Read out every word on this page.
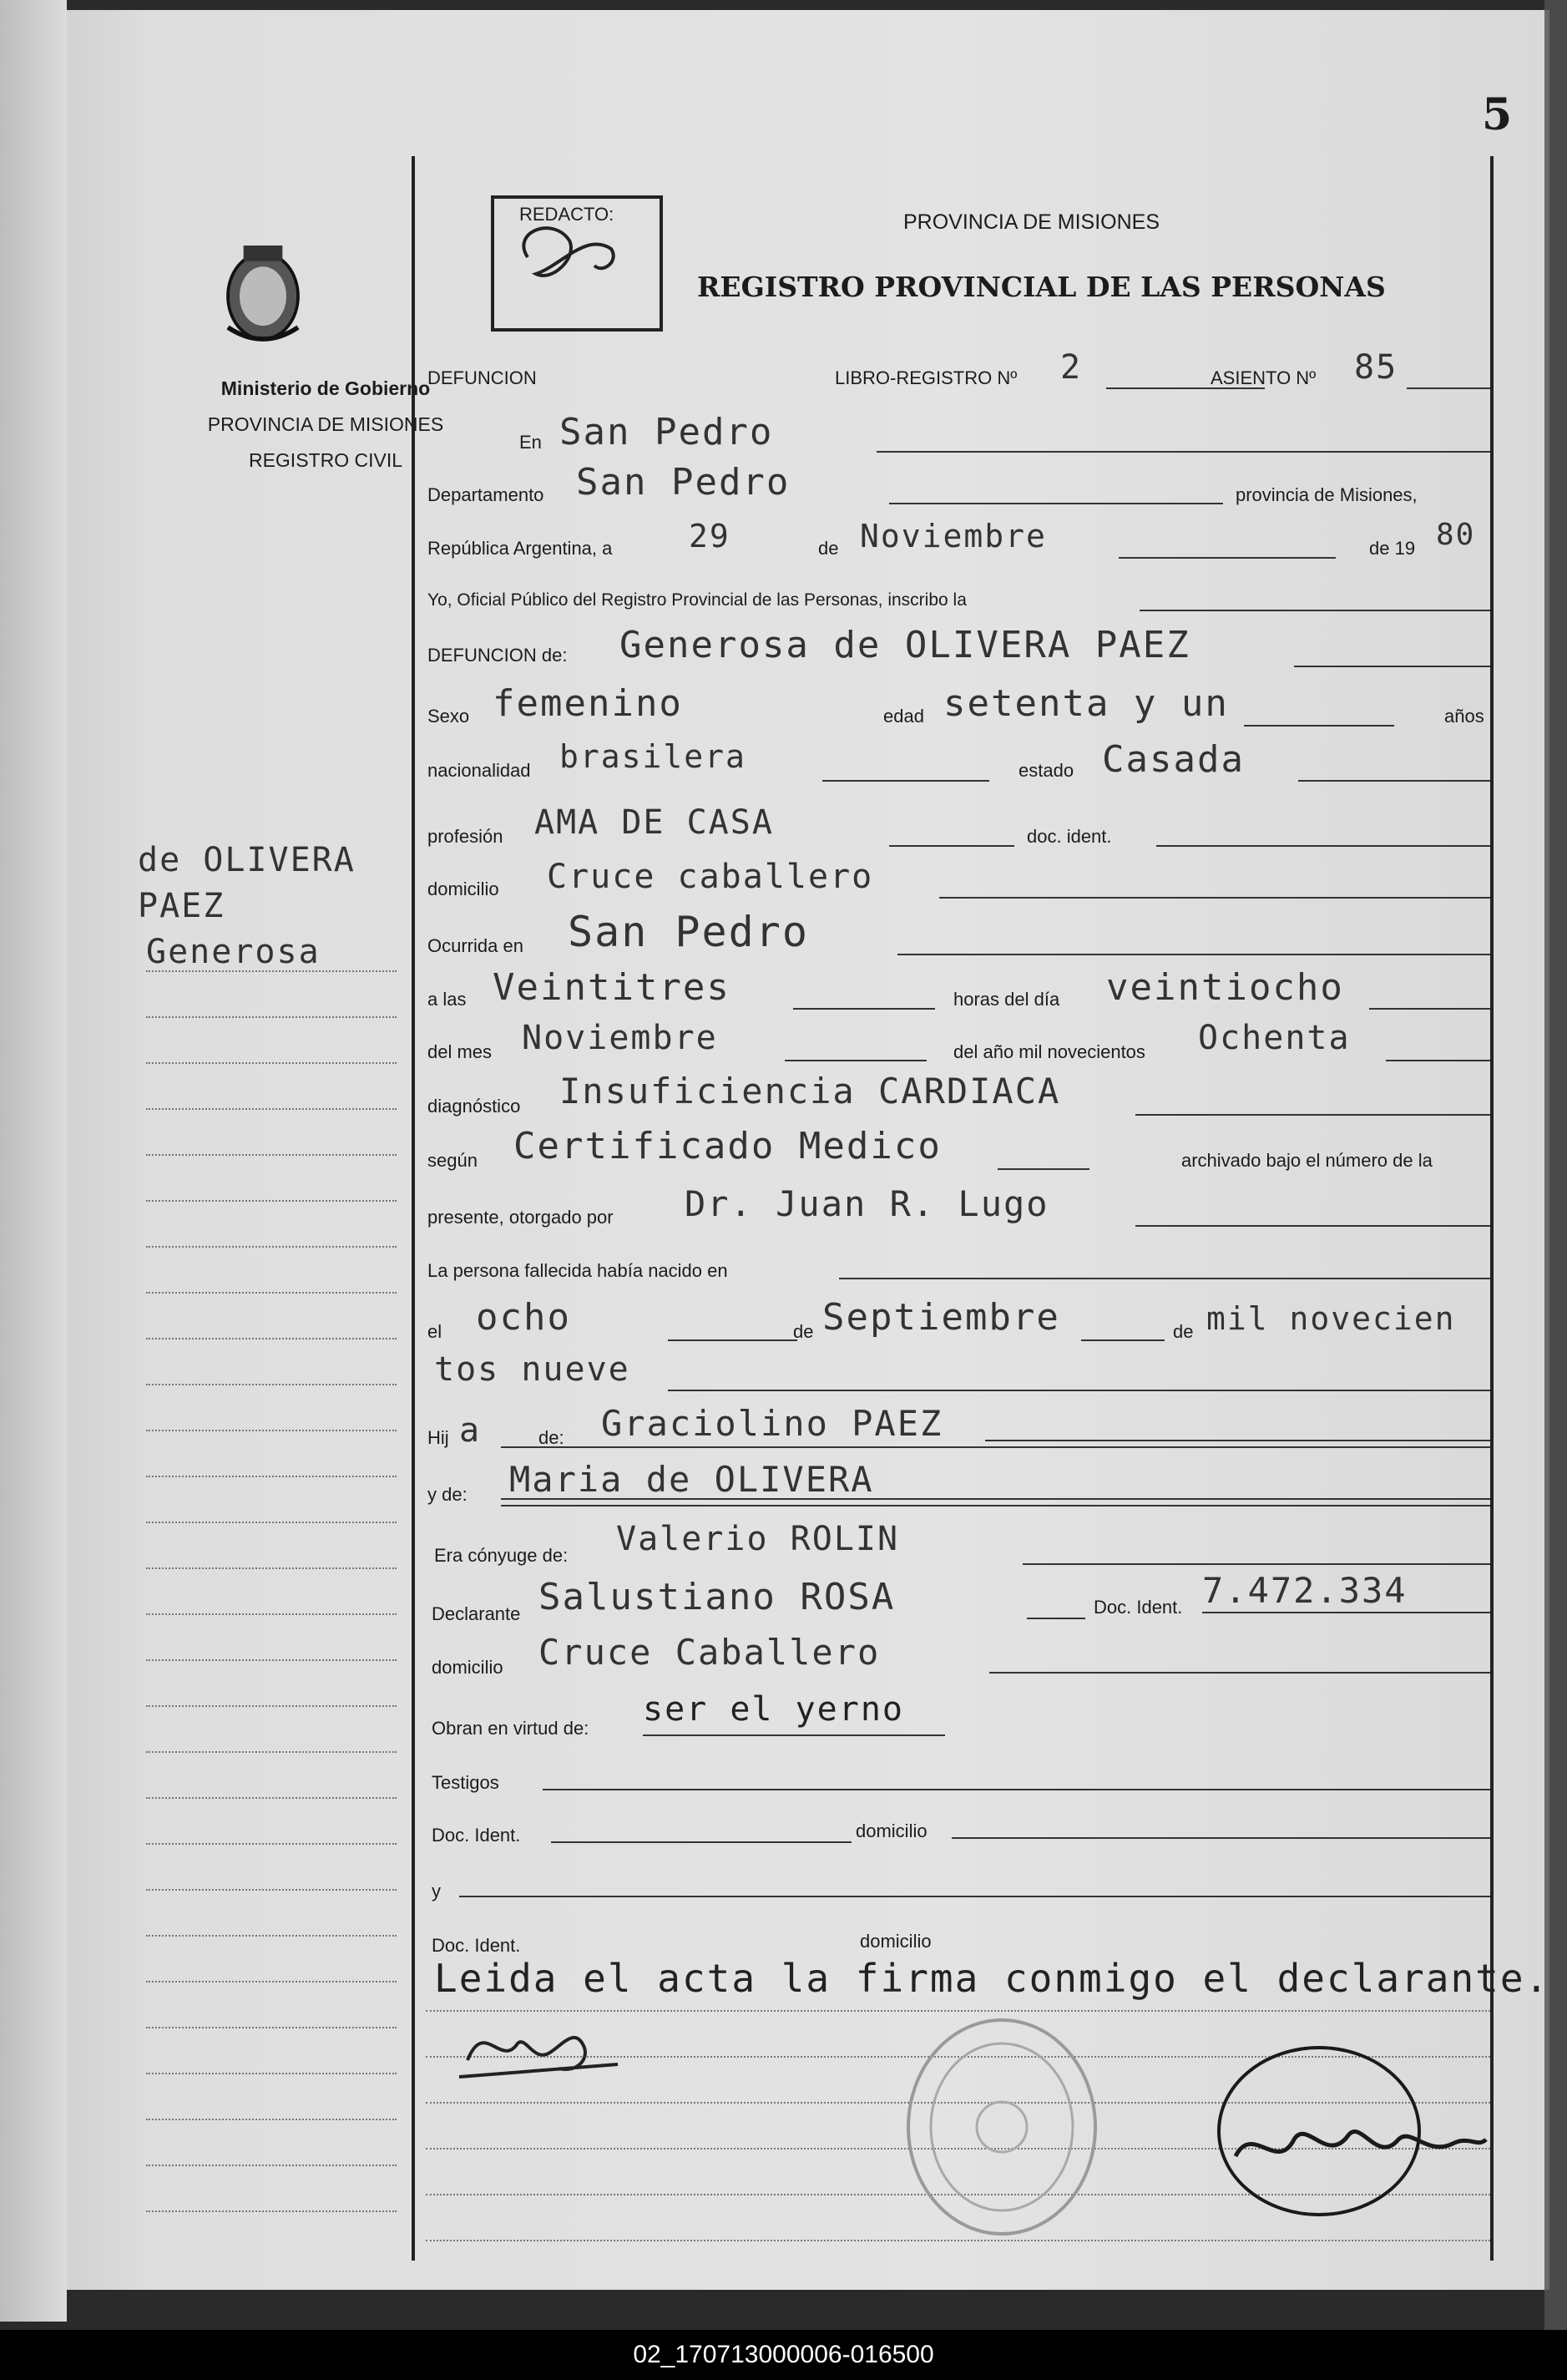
5
REDACTO:
Ministerio de Gobierno
PROVINCIA DE MISIONES
REGISTRO CIVIL
PROVINCIA DE MISIONES
REGISTRO PROVINCIAL DE LAS PERSONAS
de OLIVERA
PAEZ
Generosa
DEFUNCION	LIBRO-REGISTRO Nº 2	ASIENTO Nº 85
En San Pedro
Departamento San Pedro	provincia de Misiones,
República Argentina, a 29	de Noviembre	de 19 80
Yo, Oficial Público del Registro Provincial de las Personas, inscribo la
DEFUNCION de: Generosa de OLIVERA PAEZ
Sexo femenino	edad setenta y un	años
nacionalidad brasilera	estado Casada
profesión AMA DE CASA	doc. ident.
domicilio Cruce caballero
Ocurrida en San Pedro
a las Veintitres	horas del día veintiocho
del mes Noviembre	del año mil novecientos Ochenta
diagnóstico Insuficiencia CARDIACA
según Certificado Medico	archivado bajo el número de la
presente, otorgado por Dr. Juan R. Lugo
La persona fallecida había nacido en
el ocho	de Septiembre	de mil novecien
tos nueve
Hij a	de: Graciolino PAEZ
y de: Maria de OLIVERA
Era cónyuge de: Valerio ROLIN
Declarante Salustiano ROSA	Doc. Ident. 7.472.334
domicilio Cruce Caballero
Obran en virtud de: ser el yerno
Testigos
Doc. Ident.	domicilio
y
Doc. Ident.	domicilio
Leida el acta la firma conmigo el declarante.
02_170713000006-016500
